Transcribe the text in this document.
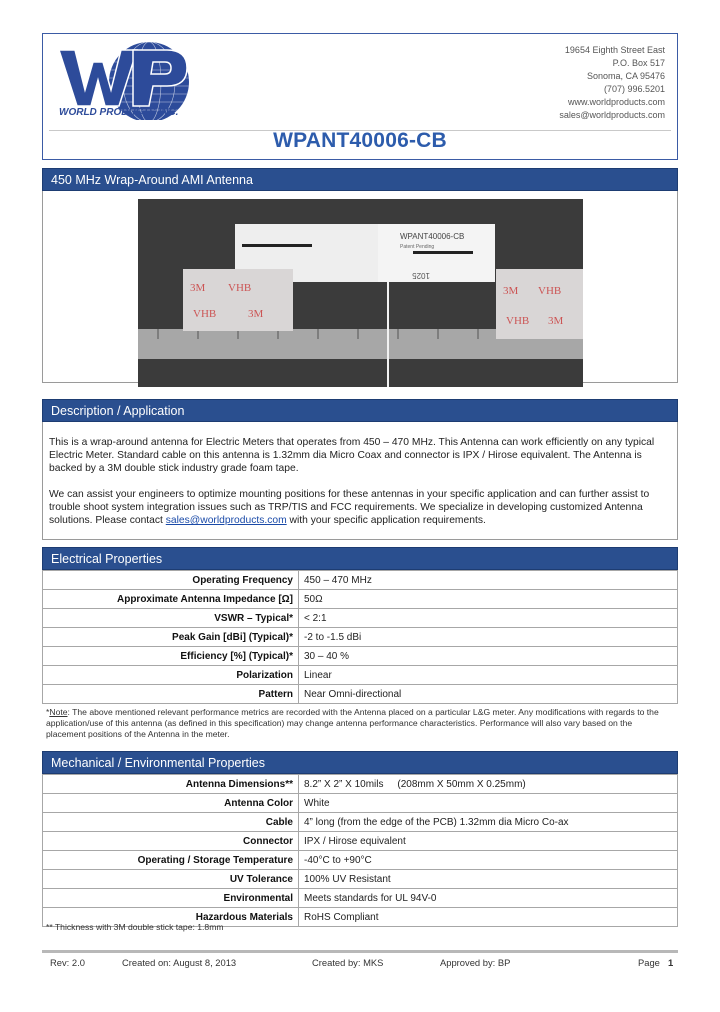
WORLD PRODUCTS INC.
19654 Eighth Street East
P.O. Box 517
Sonoma, CA 95476
(707) 996.5201
www.worldproducts.com
sales@worldproducts.com
WPANT40006-CB
450 MHz Wrap-Around AMI Antenna
WPANT40006-CB
Patent Pending
1025
3M VHB
VHB	3M
3M VHB
VHB 3M
Description / Application

This is a wrap-around antenna for Electric Meters that operates from 450 – 470 MHz. This Antenna can work efficiently on any typical Electric Meter. Standard cable on this antenna is 1.32mm dia Micro Coax and connector is IPX / Hirose equivalent. The Antenna is backed by a 3M double stick industry grade foam tape.

We can assist your engineers to optimize mounting positions for these antennas in your specific application and can further assist to trouble shoot system integration issues such as TRP/TIS and FCC requirements. We specialize in developing customized Antenna solutions. Please contact sales@worldproducts.com with your specific application requirements.

Electrical Properties
Operating Frequency	450 – 470 MHz
Approximate Antenna Impedance [Ω]	50Ω
VSWR – Typical*	< 2:1
Peak Gain [dBi] (Typical)*	-2 to -1.5 dBi
Efficiency [%] (Typical)*	30 – 40 %
Polarization	Linear
Pattern	Near Omni-directional
*Note: The above mentioned relevant performance metrics are recorded with the Antenna placed on a particular L&G meter. Any modifications with regards to the application/use of this antenna (as defined in this specification) may change antenna performance characteristics. Performance will also vary based on the placement positions of the Antenna in the meter.
Mechanical / Environmental Properties
Antenna Dimensions**	8.2” X 2” X 10mils     (208mm X 50mm X 0.25mm)
Antenna Color	White
Cable	4” long (from the edge of the PCB) 1.32mm dia Micro Co-ax
Connector	IPX / Hirose equivalent
Operating / Storage Temperature	-40°C to +90°C
UV Tolerance	100% UV Resistant
Environmental	Meets standards for UL 94V-0
Hazardous Materials	RoHS Compliant
** Thickness with 3M double stick tape: 1.8mm
Rev: 2.0	Created on: August 8, 2013	Created by: MKS	Approved by: BP	Page 1
